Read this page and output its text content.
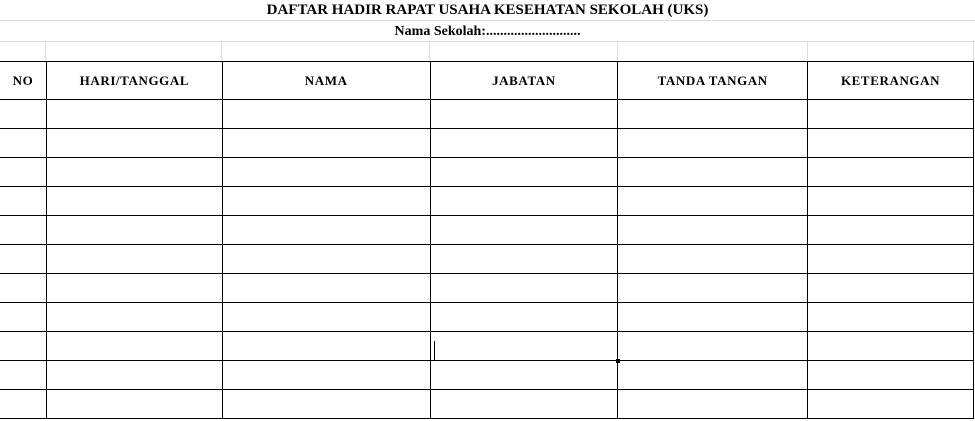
DAFTAR HADIR RAPAT USAHA KESEHATAN SEKOLAH (UKS)
Nama Sekolah:...........................
NO	HARI/TANGGAL	NAMA	JABATAN	TANDA TANGAN	KETERANGAN
